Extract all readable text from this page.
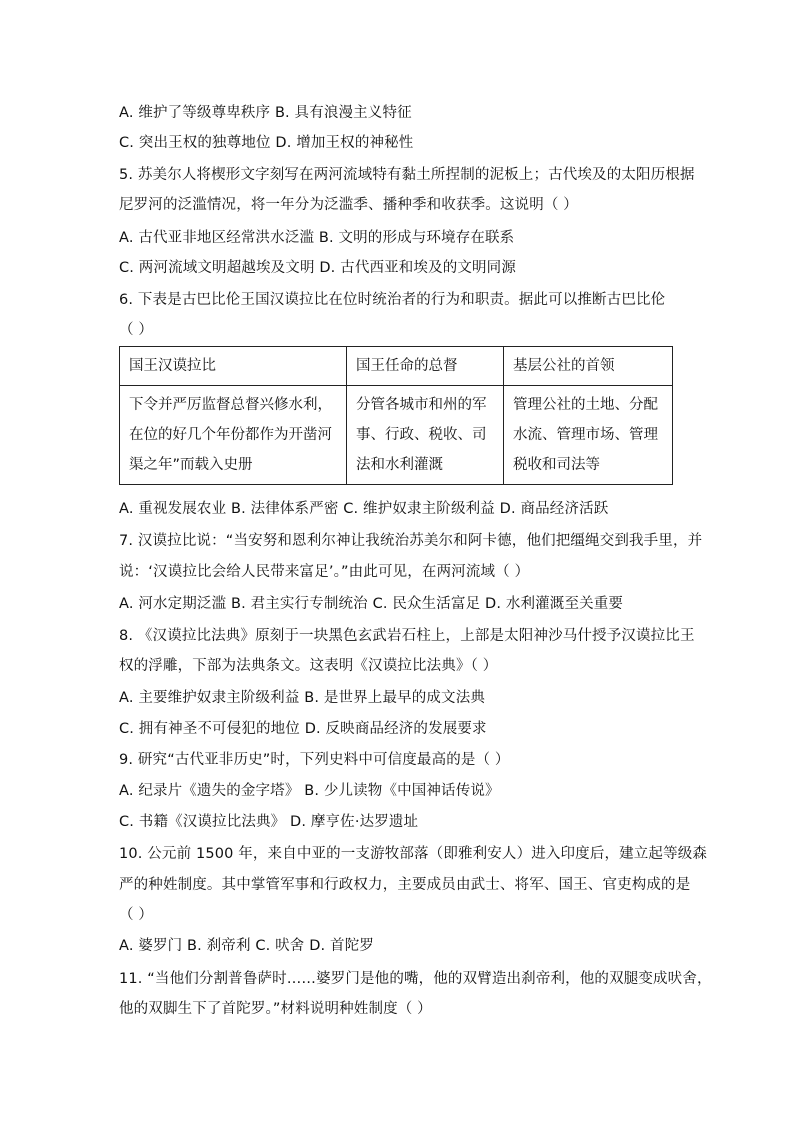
A. 维护了等级尊卑秩序 B. 具有浪漫主义特征
C. 突出王权的独尊地位 D. 增加王权的神秘性
5. 苏美尔人将楔形文字刻写在两河流域特有黏土所捏制的泥板上；古代埃及的太阳历根据
尼罗河的泛滥情况，将一年分为泛滥季、播种季和收获季。这说明（ ）
A. 古代亚非地区经常洪水泛滥 B. 文明的形成与环境存在联系
C. 两河流域文明超越埃及文明 D. 古代西亚和埃及的文明同源
6. 下表是古巴比伦王国汉谟拉比在位时统治者的行为和职责。据此可以推断古巴比伦
（ ）
国王汉谟拉比	国王任命的总督	基层公社的首领
下令并严厉监督总督兴修水利，在位的好几个年份都作为开凿河渠之年”而载入史册	分管各城市和州的军事、行政、税收、司法和水利灌溉	管理公社的土地、分配水流、管理市场、管理税收和司法等
A. 重视发展农业 B. 法律体系严密 C. 维护奴隶主阶级利益 D. 商品经济活跃
7. 汉谟拉比说：“当安努和恩利尔神让我统治苏美尔和阿卡德，他们把缰绳交到我手里，并
说：‘汉谟拉比会给人民带来富足’。”由此可见，在两河流域（ ）
A. 河水定期泛滥 B. 君主实行专制统治 C. 民众生活富足 D. 水利灌溉至关重要
8. 《汉谟拉比法典》原刻于一块黑色玄武岩石柱上，上部是太阳神沙马什授予汉谟拉比王
权的浮雕，下部为法典条文。这表明《汉谟拉比法典》（ ）
A. 主要维护奴隶主阶级利益 B. 是世界上最早的成文法典
C. 拥有神圣不可侵犯的地位 D. 反映商品经济的发展要求
9. 研究“古代亚非历史”时，下列史料中可信度最高的是（ ）
A. 纪录片《遗失的金字塔》 B. 少儿读物《中国神话传说》
C. 书籍《汉谟拉比法典》 D. 摩亨佐·达罗遗址
10. 公元前 1500 年，来自中亚的一支游牧部落（即雅利安人）进入印度后，建立起等级森
严的种姓制度。其中掌管军事和行政权力，主要成员由武士、将军、国王、官吏构成的是
（ ）
A. 婆罗门 B. 刹帝利 C. 吠舍 D. 首陀罗
11. “当他们分割普鲁萨时……婆罗门是他的嘴，他的双臂造出刹帝利，他的双腿变成吠舍，
他的双脚生下了首陀罗。”材料说明种姓制度（ ）
